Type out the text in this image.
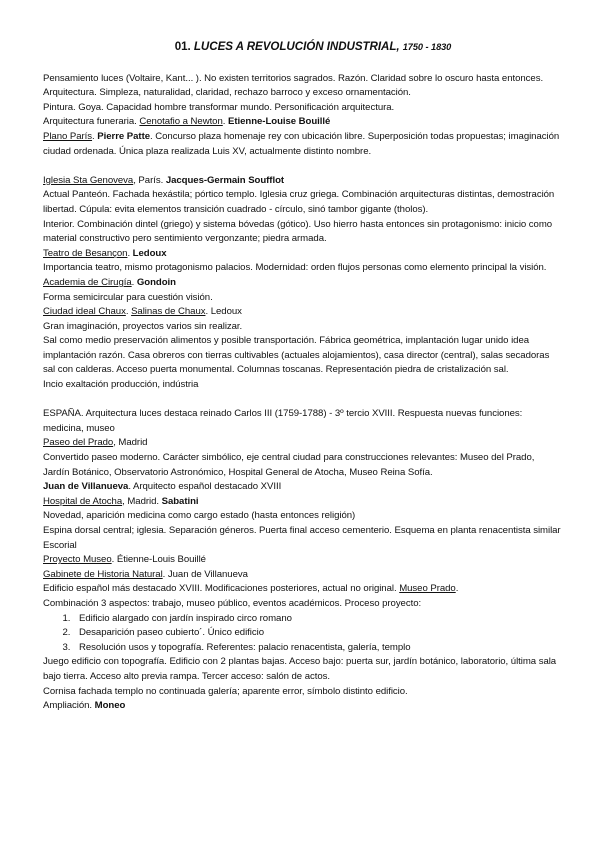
01. LUCES A REVOLUCIÓN INDUSTRIAL, 1750 - 1830

Pensamiento luces (Voltaire, Kant... ). No existen territorios sagrados. Razón. Claridad sobre lo oscuro hasta entonces.

Arquitectura. Simpleza, naturalidad, claridad, rechazo barroco y exceso ornamentación.

Pintura. Goya. Capacidad hombre transformar mundo. Personificación arquitectura.

Arquitectura funeraria. Cenotafio a Newton. Etienne-Louise Bouillé

Plano París. Pierre Patte. Concurso plaza homenaje rey con ubicación libre. Superposición todas propuestas; imaginación ciudad ordenada. Única plaza realizada Luis XV, actualmente distinto nombre.

Iglesia Sta Genoveva, París. Jacques-Germain Soufflot

Actual Panteón. Fachada hexástila; pórtico templo. Iglesia cruz griega. Combinación arquitecturas distintas, demostración libertad. Cúpula: evita elementos transición cuadrado - círculo, sinó tambor gigante (tholos).

Interior. Combinación dintel (griego) y sistema bóvedas (gótico). Uso hierro hasta entonces sin protagonismo: inicio como material constructivo pero sentimiento vergonzante; piedra armada.

Teatro de Besançon. Ledoux

Importancia teatro, mismo protagonismo palacios. Modernidad: orden flujos personas como elemento principal la visión.

Academia de Cirugía. Gondoin

Forma semicircular para cuestión visión.

Ciudad ideal Chaux. Salinas de Chaux. Ledoux

Gran imaginación, proyectos varios sin realizar.

Sal como medio preservación alimentos y posible transportación. Fábrica geométrica, implantación lugar unido idea implantación razón. Casa obreros con tierras cultivables (actuales alojamientos), casa director (central), salas secadoras sal con calderas. Acceso puerta monumental. Columnas toscanas. Representación piedra de cristalización sal.

Incio exaltación producción, indústria

ESPAÑA. Arquitectura luces destaca reinado Carlos III (1759-1788) - 3º tercio XVIII. Respuesta nuevas funciones: medicina, museo

Paseo del Prado, Madrid

Convertido paseo moderno. Carácter simbólico, eje central ciudad para construcciones relevantes: Museo del Prado, Jardín Botánico, Observatorio Astronómico, Hospital General de Atocha, Museo Reina Sofía.

Juan de Villanueva. Arquitecto español destacado XVIII

Hospital de Atocha, Madrid. Sabatini

Novedad, aparición medicina como cargo estado (hasta entonces religión)

Espina dorsal central; iglesia. Separación géneros. Puerta final acceso cementerio. Esquema en planta renacentista similar Escorial

Proyecto Museo. Étienne-Louis Bouillé

Gabinete de Historia Natural. Juan de Villanueva

Edificio español más destacado XVIII. Modificaciones posteriores, actual no original. Museo Prado.

Combinación 3 aspectos: trabajo, museo público, eventos académicos. Proceso proyecto:

1. Edificio alargado con jardín inspirado circo romano
2. Desaparición paseo cubierto´. Único edificio
3. Resolución usos y topografía. Referentes: palacio renacentista, galería, templo

Juego edificio con topografía. Edificio con 2 plantas bajas. Acceso bajo: puerta sur, jardín botánico, laboratorio, última sala bajo tierra. Acceso alto previa rampa. Tercer acceso: salón de actos.

Cornisa fachada templo no continuada galería; aparente error, símbolo distinto edificio.

Ampliación. Moneo
